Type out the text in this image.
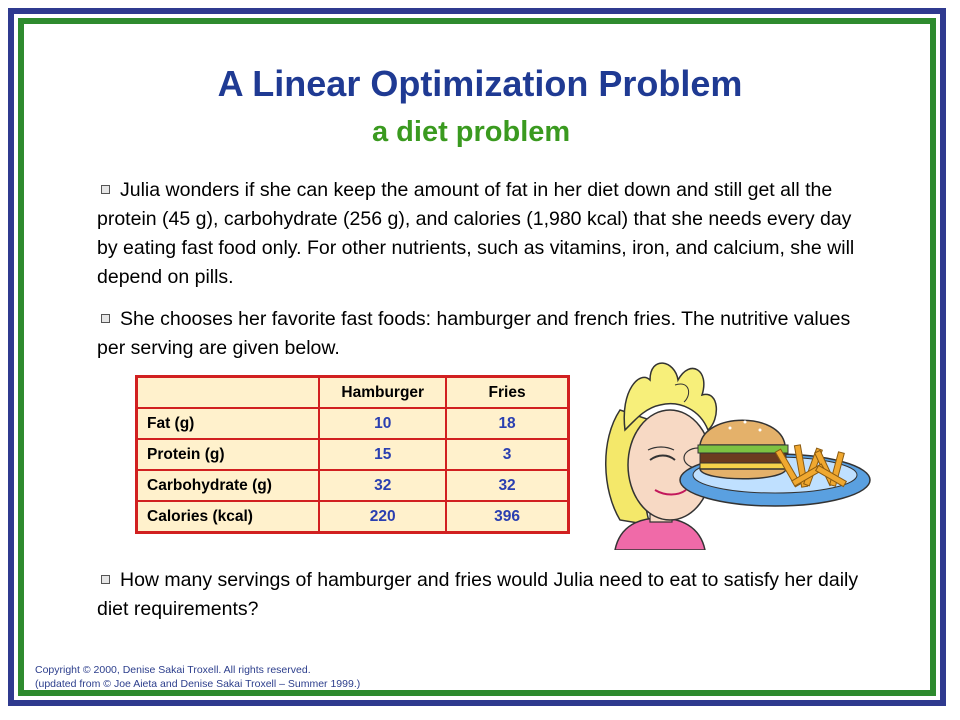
A Linear Optimization Problem
a diet problem

Julia wonders if she can keep the amount of fat in her diet down and still get all the protein (45 g), carbohydrate (256 g), and calories (1,980 kcal) that she needs every day by eating fast food only. For other nutrients, such as vitamins, iron, and calcium, she will depend on pills.

She chooses her favorite fast foods: hamburger and french fries. The nutritive values per serving are given below.

	Hamburger	Fries
Fat (g)	10	18
Protein (g)	15	3
Carbohydrate (g)	32	32
Calories (kcal)	220	396

How many servings of hamburger and fries would Julia need to eat to satisfy her daily diet requirements?

Copyright © 2000, Denise Sakai Troxell. All rights reserved.
(updated from © Joe Aieta and Denise Sakai Troxell – Summer 1999.)
